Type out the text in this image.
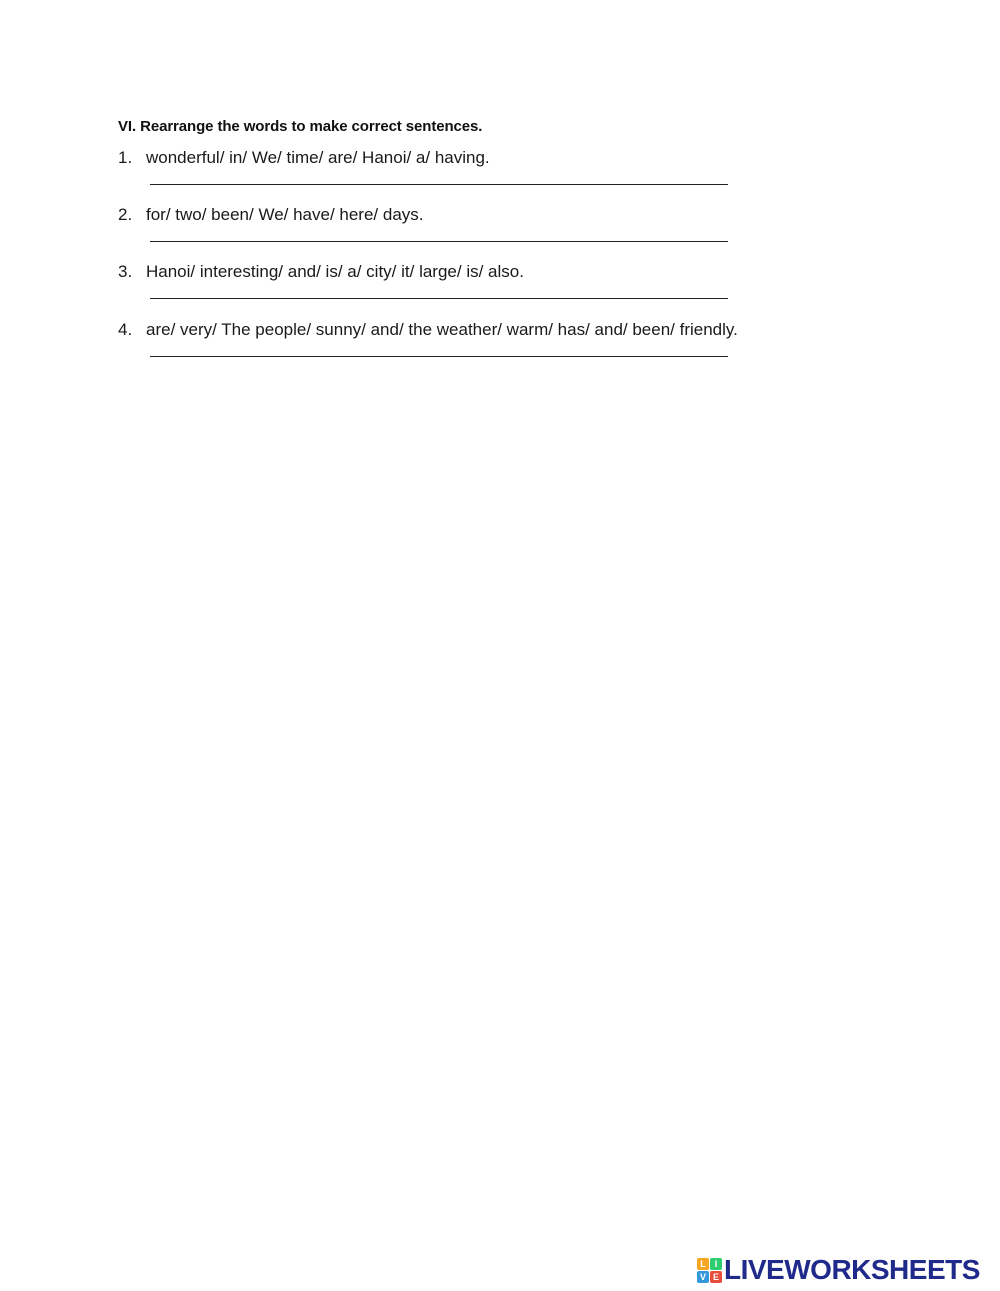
VI. Rearrange the words to make correct sentences.
1. wonderful/ in/ We/ time/ are/ Hanoi/ a/ having.
2. for/ two/ been/ We/ have/ here/ days.
3. Hanoi/ interesting/ and/ is/ a/ city/ it/ large/ is/ also.
4. are/ very/ The people/ sunny/ and/ the weather/ warm/ has/ and/ been/ friendly.
L I
V E LIVEWORKSHEETS
